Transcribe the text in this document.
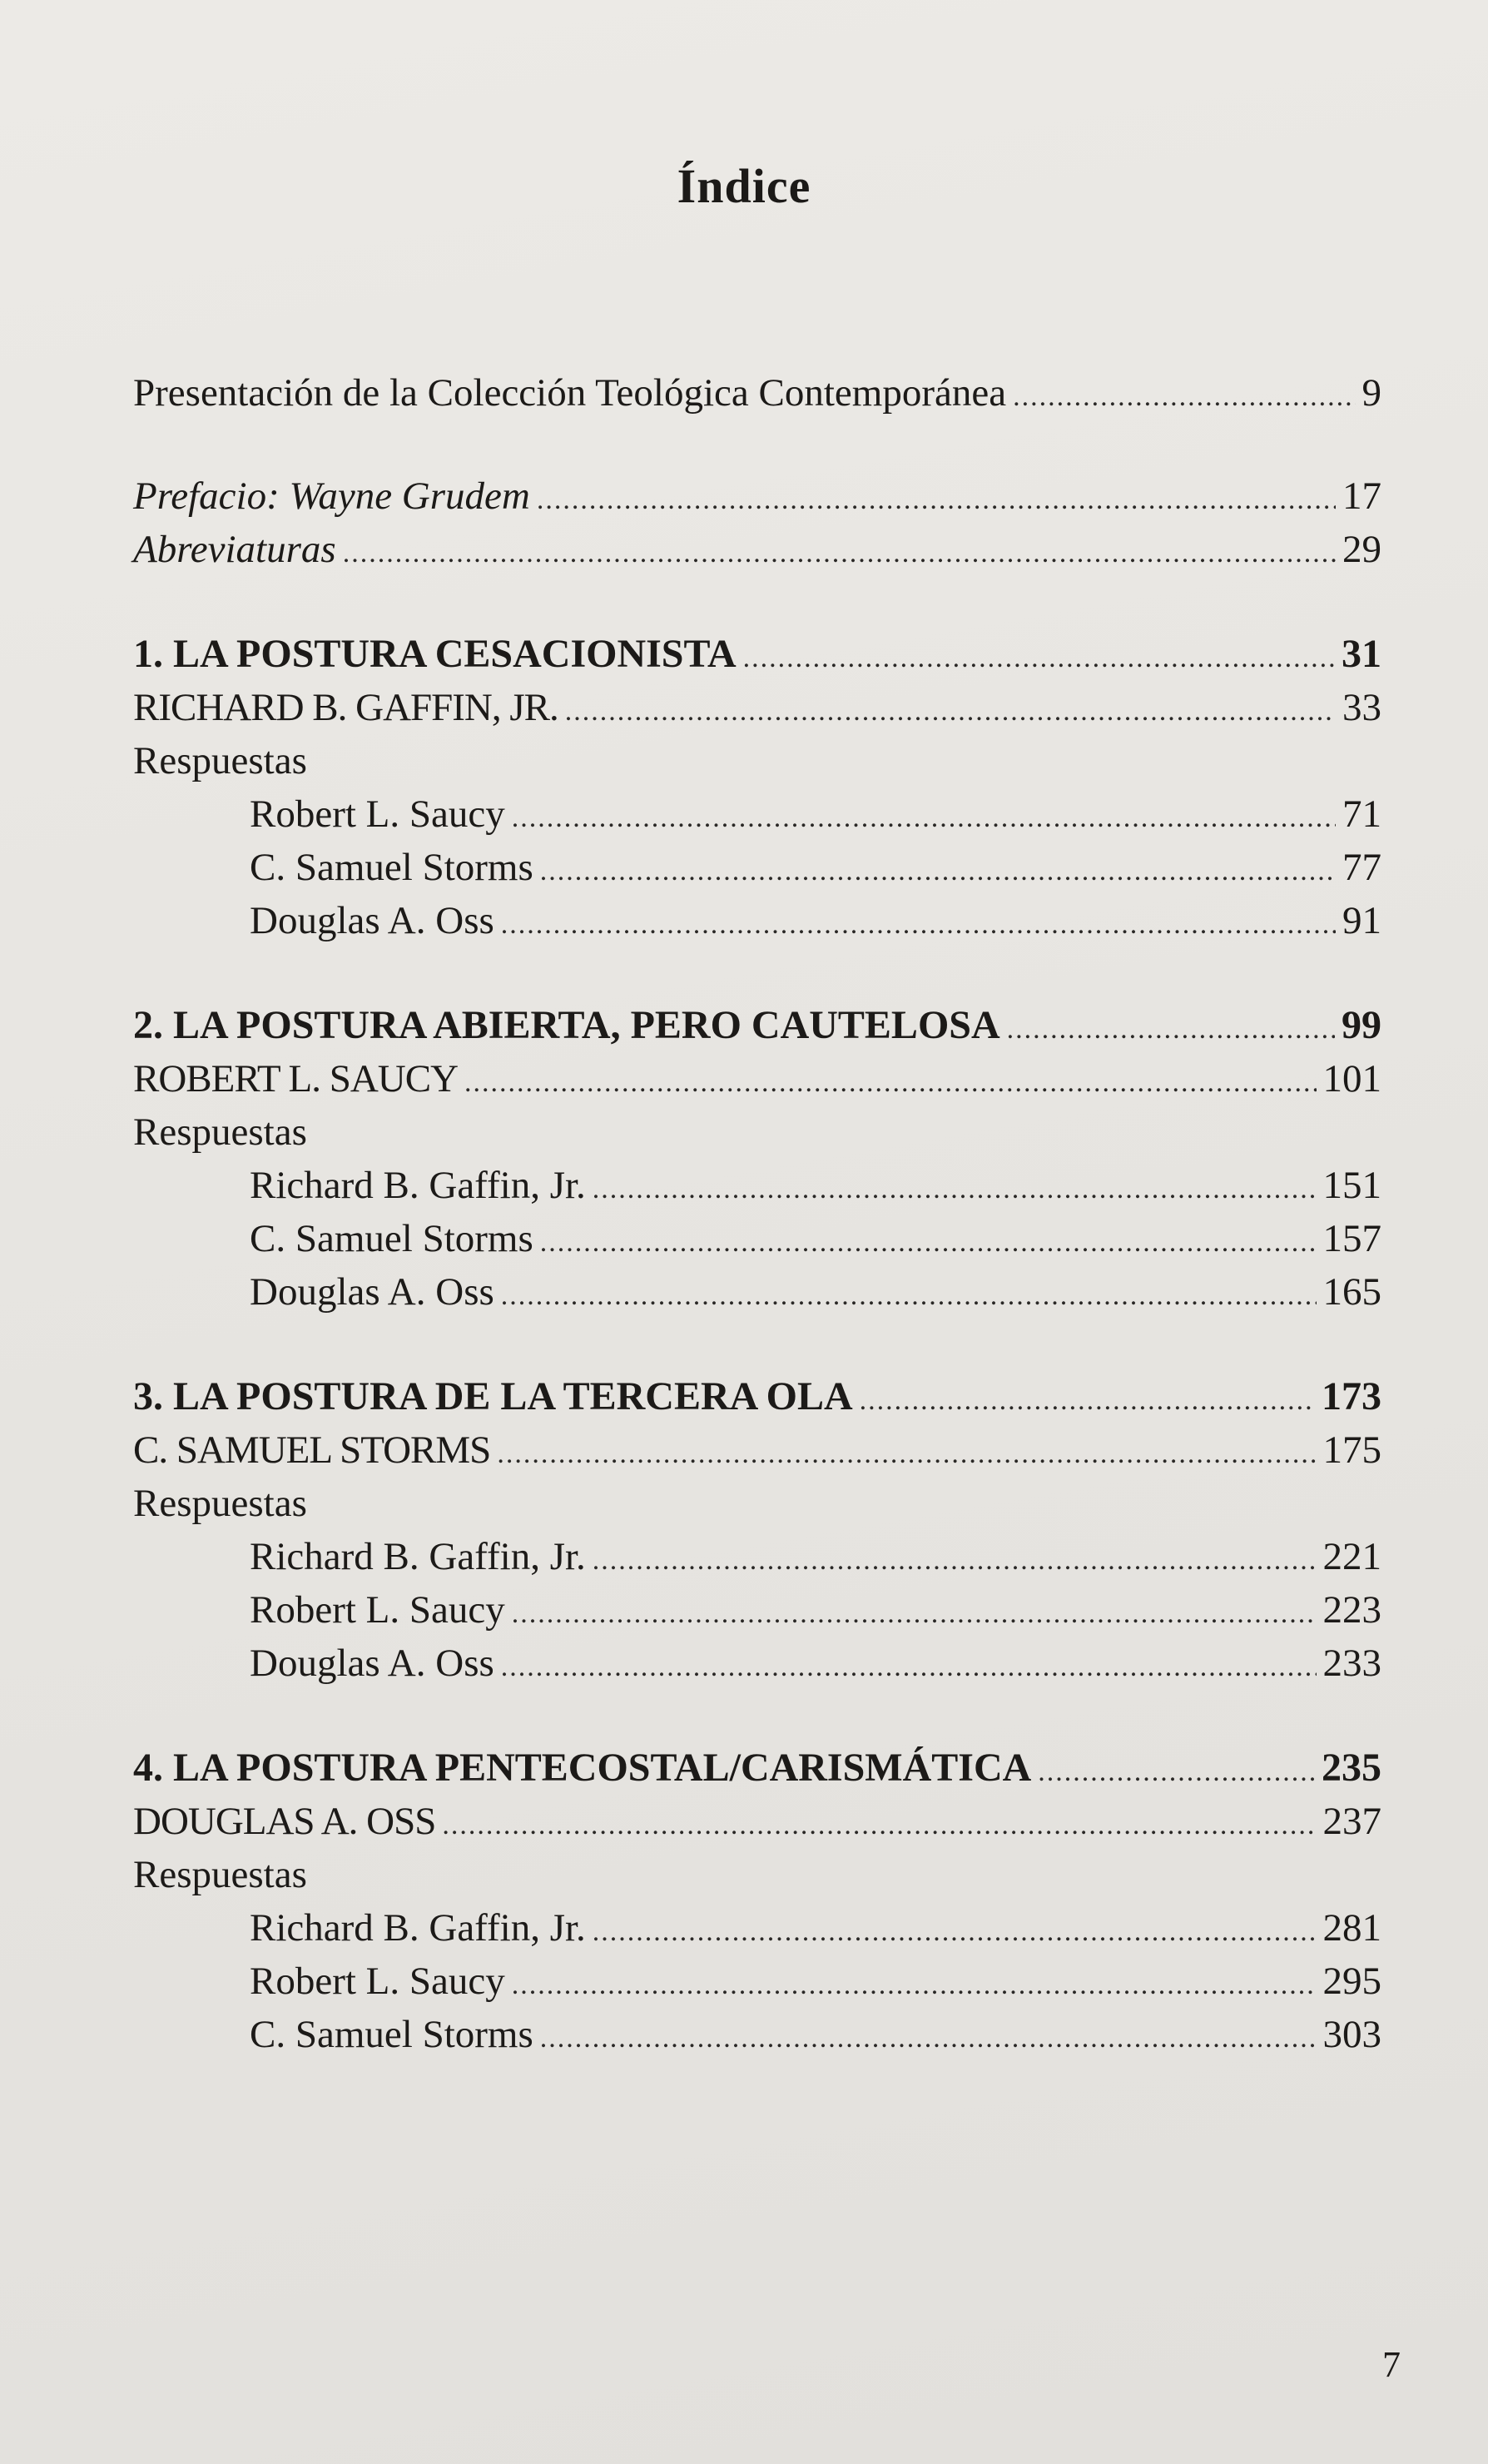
Índice
Presentación de la Colección Teológica Contemporánea .....	9
Prefacio: Wayne Grudem .....	17
Abreviaturas .....	29
1. LA POSTURA CESACIONISTA .....	31
RICHARD B. GAFFIN, JR. .....	33
Respuestas
Robert L. Saucy .....	71
C. Samuel Storms .....	77
Douglas A. Oss .....	91
2. LA POSTURA ABIERTA, PERO CAUTELOSA .....	99
ROBERT L. SAUCY .....	101
Respuestas
Richard B. Gaffin, Jr. .....	151
C. Samuel Storms .....	157
Douglas A. Oss .....	165
3. LA POSTURA DE LA TERCERA OLA .....	173
C. SAMUEL STORMS .....	175
Respuestas
Richard B. Gaffin, Jr. .....	221
Robert L. Saucy .....	223
Douglas A. Oss .....	233
4. LA POSTURA PENTECOSTAL/CARISMÁTICA .....	235
DOUGLAS A. OSS .....	237
Respuestas
Richard B. Gaffin, Jr. .....	281
Robert L. Saucy .....	295
C. Samuel Storms .....	303
7
